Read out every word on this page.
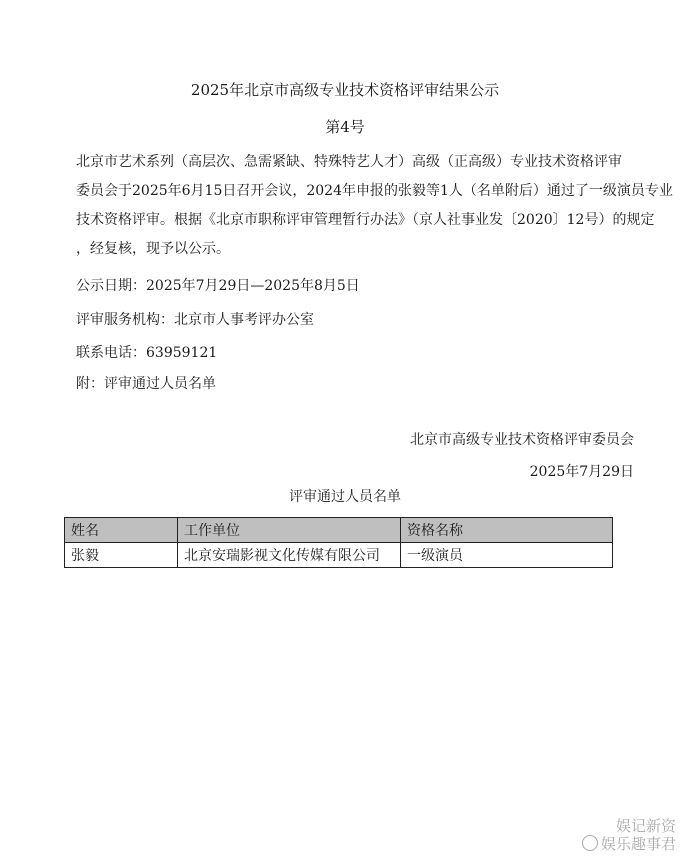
2025年北京市高级专业技术资格评审结果公示
第4号
北京市艺术系列（高层次、急需紧缺、特殊特艺人才）高级（正高级）专业技术资格评审
委员会于2025年6月15日召开会议，2024年申报的张毅等1人（名单附后）通过了一级演员专业
技术资格评审。根据《北京市职称评审管理暂行办法》（京人社事业发〔2020〕12号）的规定
，经复核，现予以公示。
公示日期：2025年7月29日—2025年8月5日
评审服务机构：北京市人事考评办公室
联系电话：63959121
附：评审通过人员名单
北京市高级专业技术资格评审委员会
2025年7月29日
评审通过人员名单
姓名	工作单位	资格名称
张毅	北京安瑞影视文化传媒有限公司	一级演员
娱记新资
娱乐趣事君
